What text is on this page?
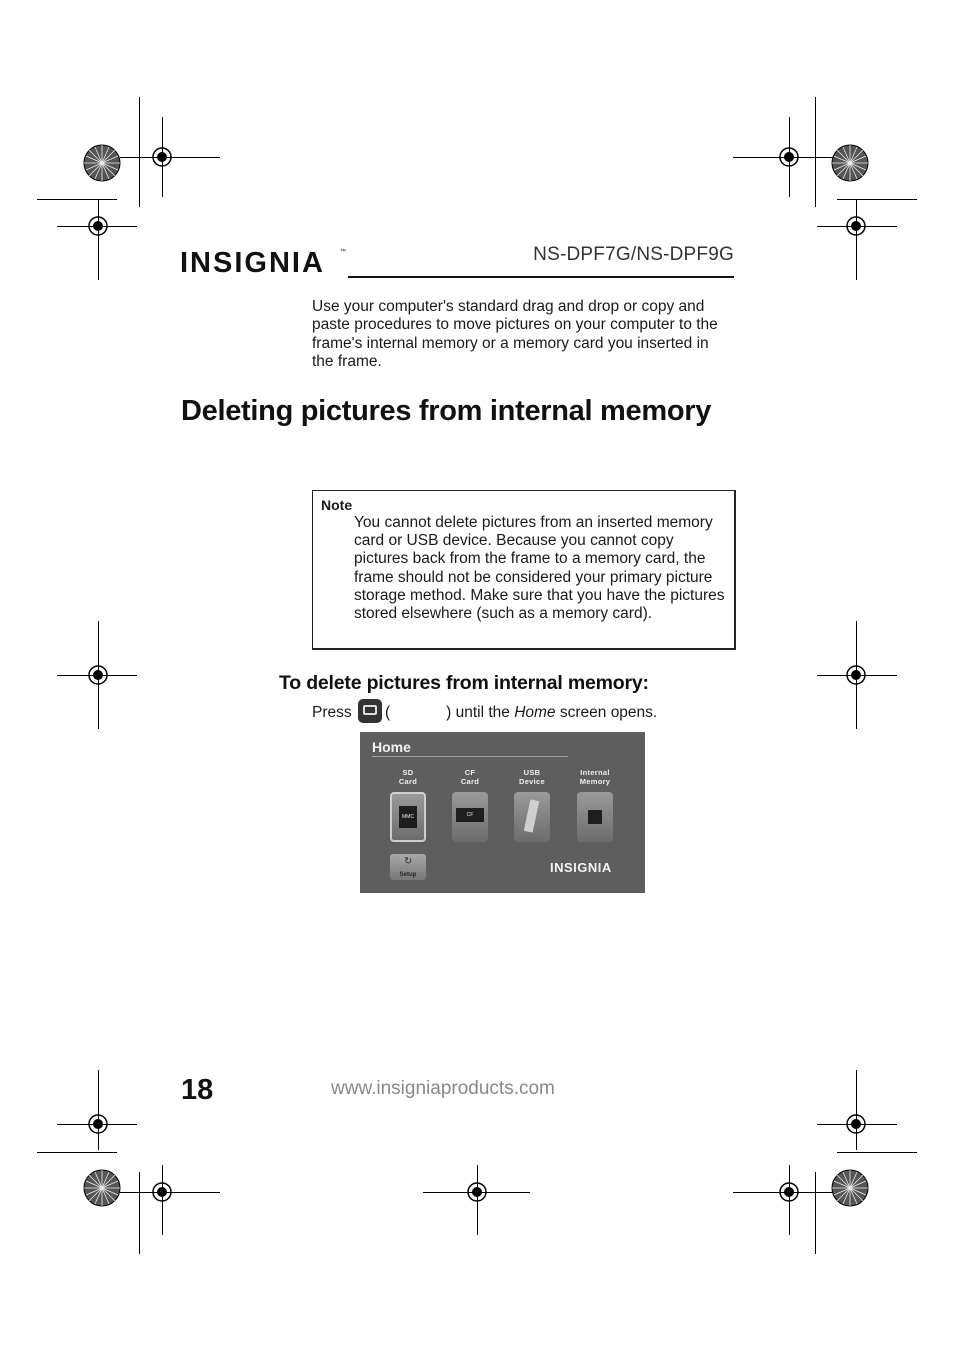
INSIGNIA	™	NS-DPF7G/NS-DPF9G
Use your computer's standard drag and drop or copy and paste procedures to move pictures on your computer to the frame's internal memory or a memory card you inserted in the frame.
Deleting pictures from internal memory
Note
You cannot delete pictures from an inserted memory card or USB device. Because you cannot copy pictures back from the frame to a memory card, the frame should not be considered your primary picture storage method. Make sure that you have the pictures stored elsewhere (such as a memory card).
To delete pictures from internal memory:
Press (	) until the Home screen opens.
Home
SD
Card
CF
Card
USB
Device
Internal
Memory
MMC	CF
↻
Setup	INSIGNIA
18	www.insigniaproducts.com
